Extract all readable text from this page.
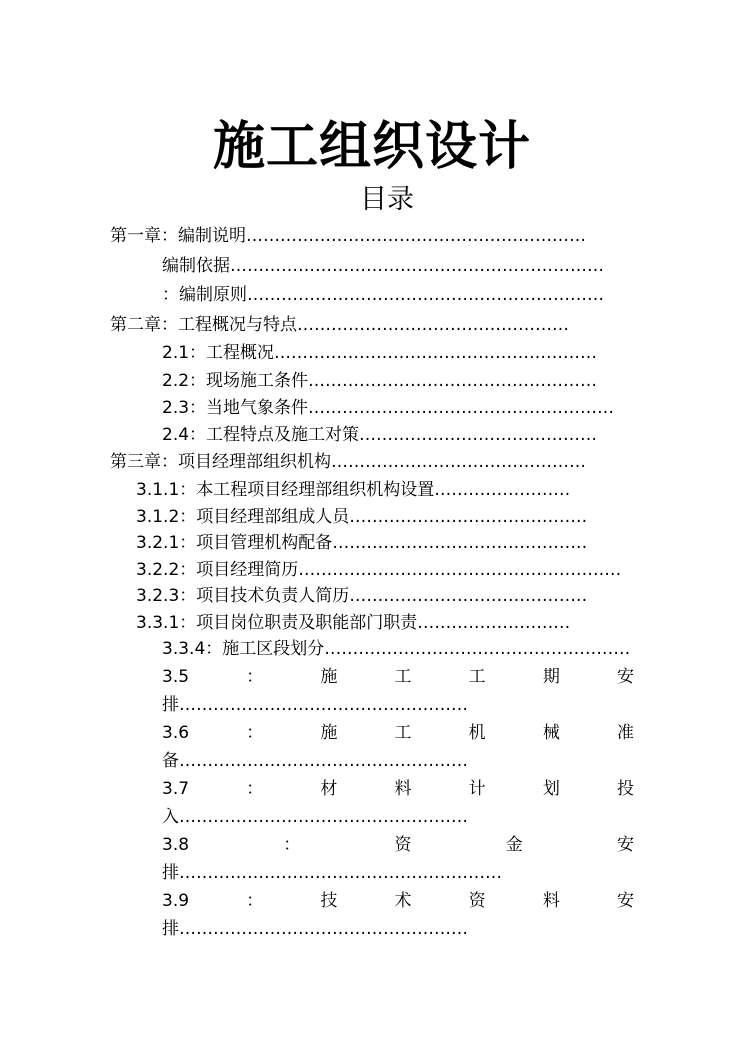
施工组织设计
目录
第一章：编制说明……………………………………………………
编制依据…………………………………………………………
：编制原则………………………………………………………
第二章：工程概况与特点…………………………………………
2.1：工程概况…………………………………………………
2.2：现场施工条件……………………………………………
2.3：当地气象条件………………………………………………
2.4：工程特点及施工对策……………………………………
第三章：项目经理部组织机构………………………………………
3.1.1：本工程项目经理部组织机构设置……………………
3.1.2：项目经理部组成人员……………………………………
3.2.1：项目管理机构配备………………………………………
3.2.2：项目经理简历…………………………………………………
3.2.3：项目技术负责人简历……………………………………
3.3.1：项目岗位职责及职能部门职责………………………
3.3.4：施工区段划分………………………………………………
3.5	：	施	工	工	期	安
排……………………………………………
3.6	：	施	工	机	械	准
备……………………………………………
3.7	：	材	料	计	划	投
入……………………………………………
3.8	：	资	金	安
排…………………………………………………
3.9	：	技	术	资	料	安
排……………………………………………
